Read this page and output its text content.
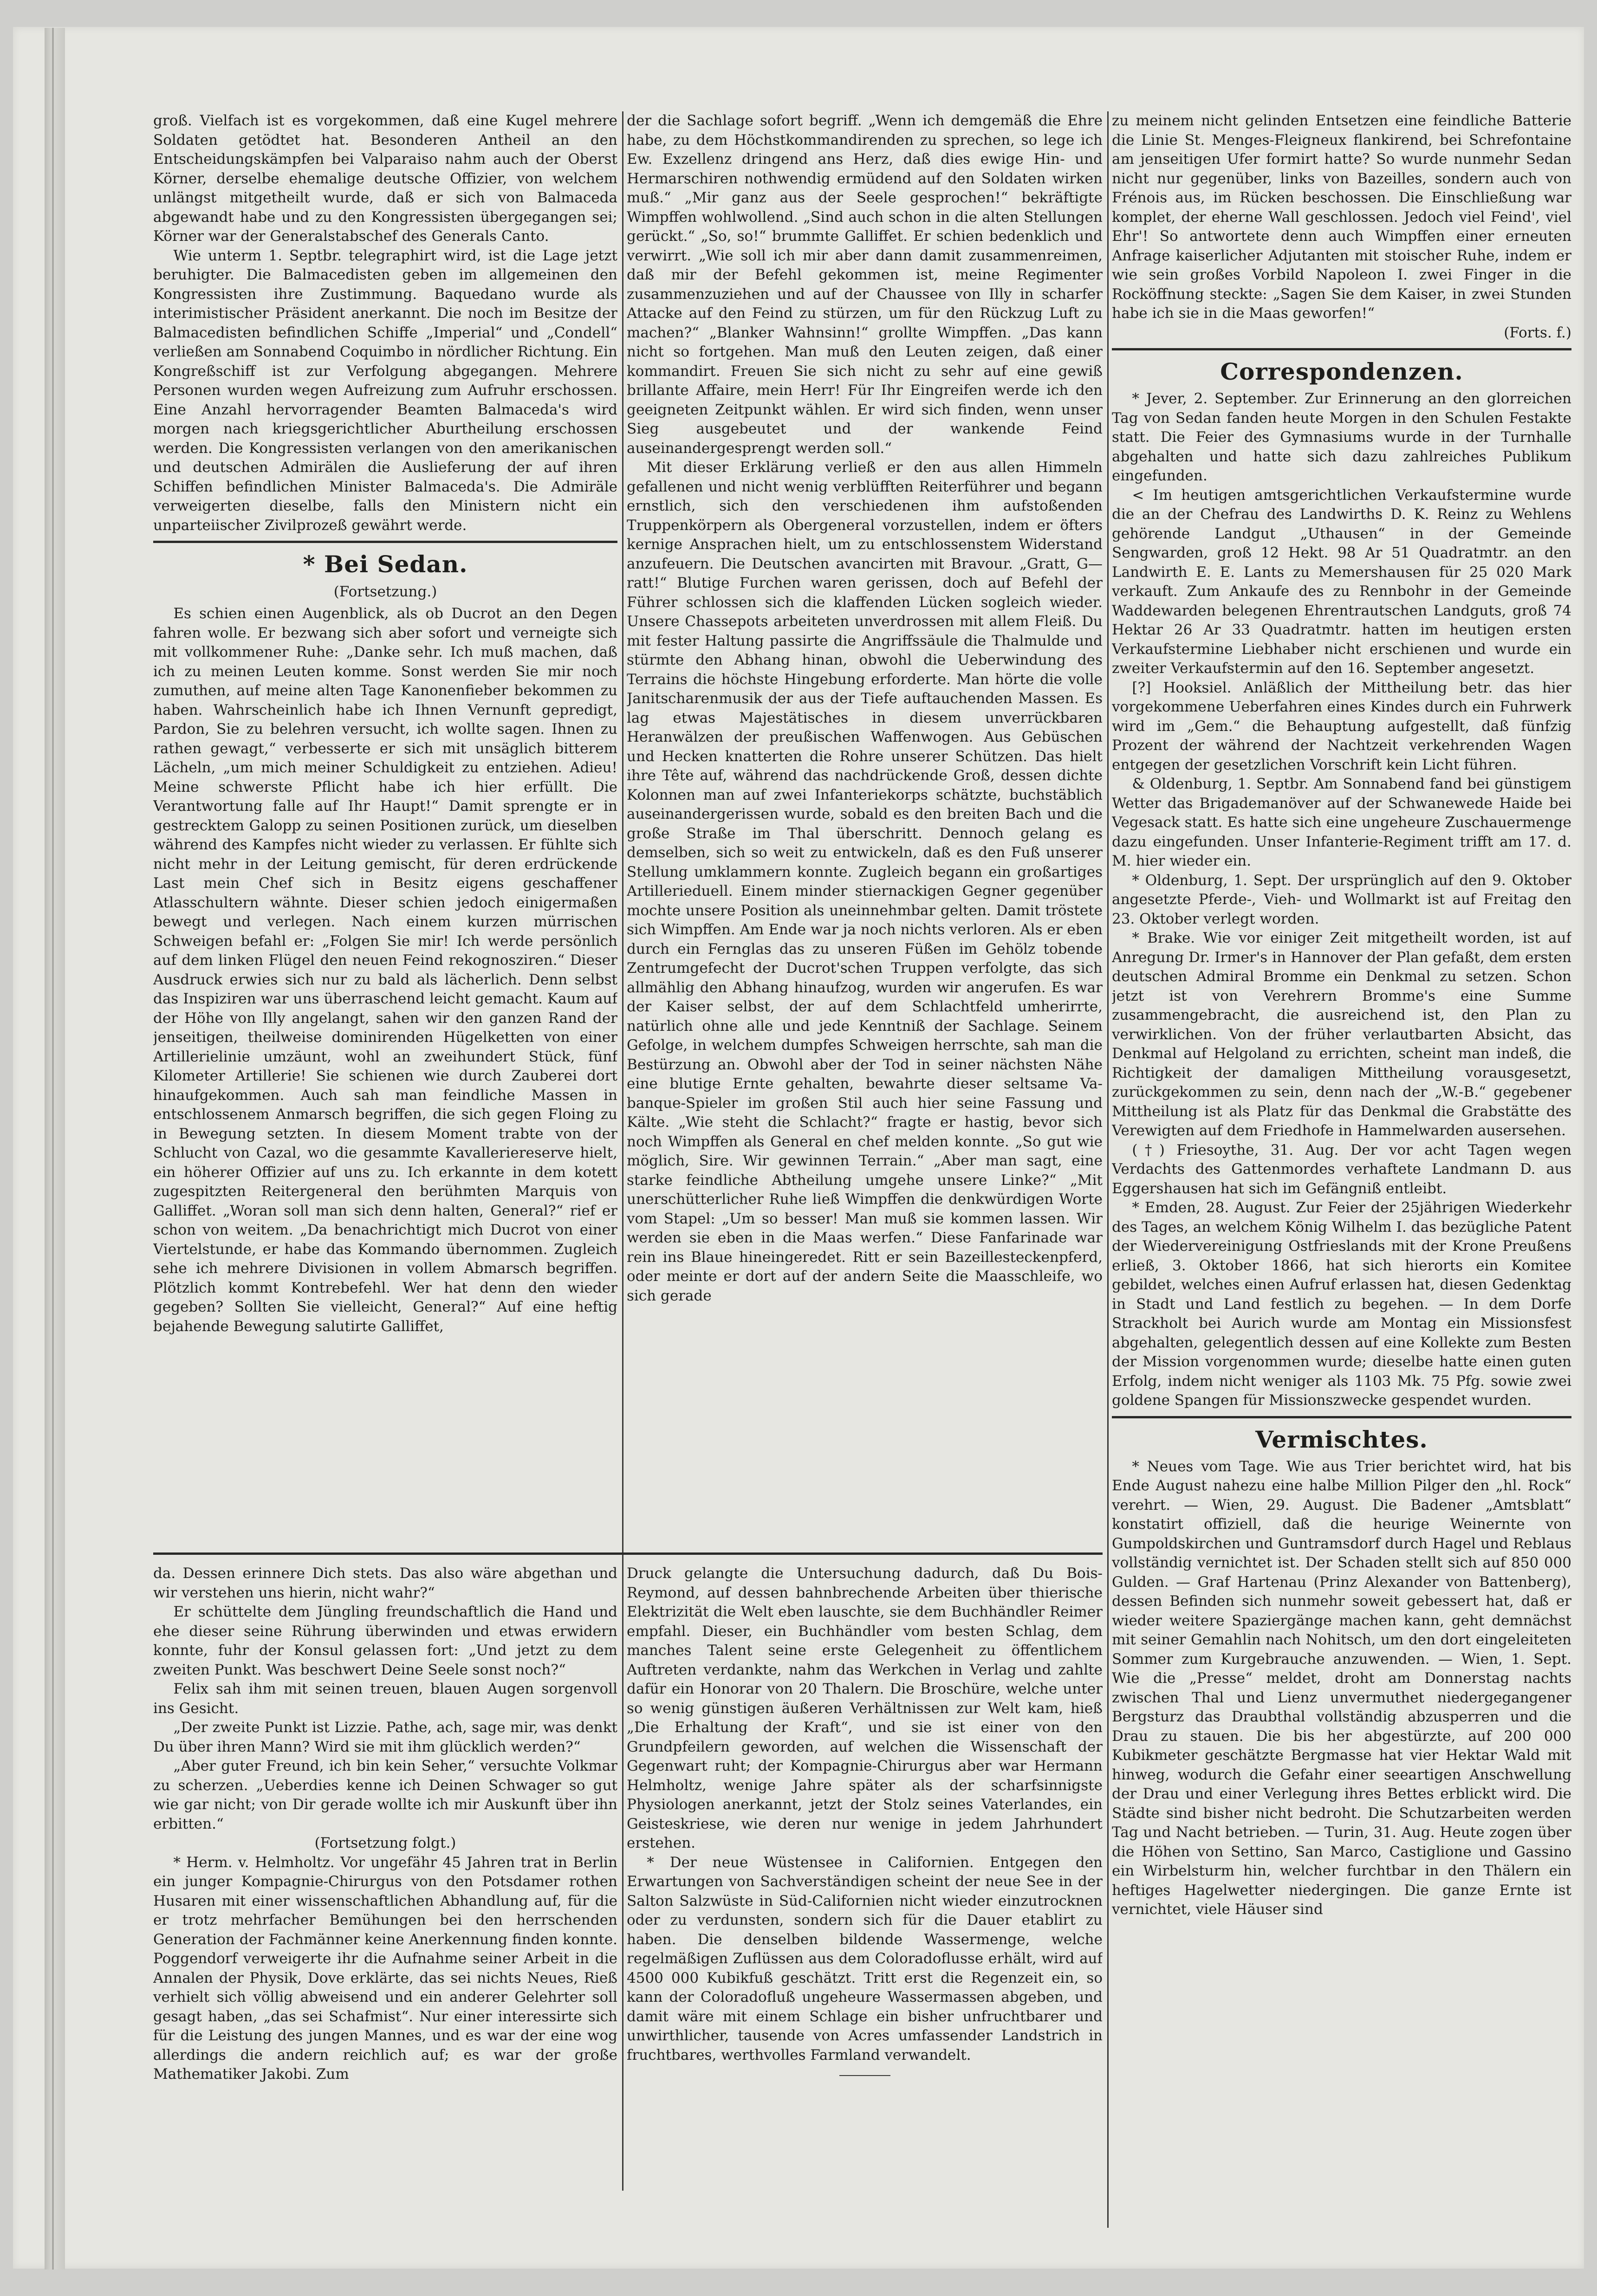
groß. Vielfach ist es vorgekommen, daß eine Kugel mehrere Soldaten getödtet hat. Besonderen Antheil an den Entscheidungskämpfen bei Valparaiso nahm auch der Oberst Körner, derselbe ehemalige deutsche Offizier, von welchem unlängst mitgetheilt wurde, daß er sich von Balmaceda abgewandt habe und zu den Kongressisten übergegangen sei; Körner war der Generalstabschef des Generals Canto.

Wie unterm 1. Septbr. telegraphirt wird, ist die Lage jetzt beruhigter. Die Balmacedisten geben im allgemeinen den Kongressisten ihre Zustimmung. Baquedano wurde als interimistischer Präsident anerkannt. Die noch im Besitze der Balmacedisten befindlichen Schiffe „Imperial“ und „Condell“ verließen am Sonnabend Coquimbo in nördlicher Richtung. Ein Kongreßschiff ist zur Verfolgung abgegangen. Mehrere Personen wurden wegen Aufreizung zum Aufruhr erschossen. Eine Anzahl hervorragender Beamten Balmaceda's wird morgen nach kriegsgerichtlicher Aburtheilung erschossen werden. Die Kongressisten verlangen von den amerikanischen und deutschen Admirälen die Auslieferung der auf ihren Schiffen befindlichen Minister Balmaceda's. Die Admiräle verweigerten dieselbe, falls den Ministern nicht ein unparteiischer Zivilprozeß gewährt werde.

* Bei Sedan.
(Fortsetzung.)

Es schien einen Augenblick, als ob Ducrot an den Degen fahren wolle. Er bezwang sich aber sofort und verneigte sich mit vollkommener Ruhe: „Danke sehr. Ich muß machen, daß ich zu meinen Leuten komme. Sonst werden Sie mir noch zumuthen, auf meine alten Tage Kanonenfieber bekommen zu haben. Wahrscheinlich habe ich Ihnen Vernunft gepredigt, Pardon, Sie zu belehren versucht, ich wollte sagen. Ihnen zu rathen gewagt,“ verbesserte er sich mit unsäglich bitterem Lächeln, „um mich meiner Schuldigkeit zu entziehen. Adieu! Meine schwerste Pflicht habe ich hier erfüllt. Die Verantwortung falle auf Ihr Haupt!“ Damit sprengte er in gestrecktem Galopp zu seinen Positionen zurück, um dieselben während des Kampfes nicht wieder zu verlassen. Er fühlte sich nicht mehr in der Leitung gemischt, für deren erdrückende Last mein Chef sich in Besitz eigens geschaffener Atlasschultern wähnte. Dieser schien jedoch einigermaßen bewegt und verlegen. Nach einem kurzen mürrischen Schweigen befahl er: „Folgen Sie mir! Ich werde persönlich auf dem linken Flügel den neuen Feind rekognosziren.“ Dieser Ausdruck erwies sich nur zu bald als lächerlich. Denn selbst das Inspiziren war uns überraschend leicht gemacht. Kaum auf der Höhe von Illy angelangt, sahen wir den ganzen Rand der jenseitigen, theilweise dominirenden Hügelketten von einer Artillerielinie umzäunt, wohl an zweihundert Stück, fünf Kilometer Artillerie! Sie schienen wie durch Zauberei dort hinaufgekommen. Auch sah man feindliche Massen in entschlossenem Anmarsch begriffen, die sich gegen Floing zu in Bewegung setzten. In diesem Moment trabte von der Schlucht von Cazal, wo die gesammte Kavalleriereserve hielt, ein höherer Offizier auf uns zu. Ich erkannte in dem kotett zugespitzten Reitergeneral den berühmten Marquis von Galliffet. „Woran soll man sich denn halten, General?“ rief er schon von weitem. „Da benachrichtigt mich Ducrot von einer Viertelstunde, er habe das Kommando übernommen. Zugleich sehe ich mehrere Divisionen in vollem Abmarsch begriffen. Plötzlich kommt Kontrebefehl. Wer hat denn den wieder gegeben? Sollten Sie vielleicht, General?“ Auf eine heftig bejahende Bewegung salutirte Galliffet,

der die Sachlage sofort begriff. „Wenn ich demgemäß die Ehre habe, zu dem Höchstkommandirenden zu sprechen, so lege ich Ew. Exzellenz dringend ans Herz, daß dies ewige Hin- und Hermarschiren nothwendig ermüdend auf den Soldaten wirken muß.“ „Mir ganz aus der Seele gesprochen!“ bekräftigte Wimpffen wohlwollend. „Sind auch schon in die alten Stellungen gerückt.“ „So, so!“ brummte Galliffet. Er schien bedenklich und verwirrt. „Wie soll ich mir aber dann damit zusammenreimen, daß mir der Befehl gekommen ist, meine Regimenter zusammenzuziehen und auf der Chaussee von Illy in scharfer Attacke auf den Feind zu stürzen, um für den Rückzug Luft zu machen?“ „Blanker Wahnsinn!“ grollte Wimpffen. „Das kann nicht so fortgehen. Man muß den Leuten zeigen, daß einer kommandirt. Freuen Sie sich nicht zu sehr auf eine gewiß brillante Affaire, mein Herr! Für Ihr Eingreifen werde ich den geeigneten Zeitpunkt wählen. Er wird sich finden, wenn unser Sieg ausgebeutet und der wankende Feind auseinandergesprengt werden soll.“

Mit dieser Erklärung verließ er den aus allen Himmeln gefallenen und nicht wenig verblüfften Reiterführer und begann ernstlich, sich den verschiedenen ihm aufstoßenden Truppenkörpern als Obergeneral vorzustellen, indem er öfters kernige Ansprachen hielt, um zu entschlossenstem Widerstand anzufeuern. Die Deutschen avancirten mit Bravour. „Gratt, G—ratt!“ Blutige Furchen waren gerissen, doch auf Befehl der Führer schlossen sich die klaffenden Lücken sogleich wieder. Unsere Chassepots arbeiteten unverdrossen mit allem Fleiß. Du mit fester Haltung passirte die Angriffssäule die Thalmulde und stürmte den Abhang hinan, obwohl die Ueberwindung des Terrains die höchste Hingebung erforderte. Man hörte die volle Janitscharenmusik der aus der Tiefe auftauchenden Massen. Es lag etwas Majestätisches in diesem unverrückbaren Heranwälzen der preußischen Waffenwogen. Aus Gebüschen und Hecken knatterten die Rohre unserer Schützen. Das hielt ihre Tête auf, während das nachdrückende Groß, dessen dichte Kolonnen man auf zwei Infanteriekorps schätzte, buchstäblich auseinandergerissen wurde, sobald es den breiten Bach und die große Straße im Thal überschritt. Dennoch gelang es demselben, sich so weit zu entwickeln, daß es den Fuß unserer Stellung umklammern konnte. Zugleich begann ein großartiges Artillerieduell. Einem minder stiernackigen Gegner gegenüber mochte unsere Position als uneinnehmbar gelten. Damit tröstete sich Wimpffen. Am Ende war ja noch nichts verloren. Als er eben durch ein Fernglas das zu unseren Füßen im Gehölz tobende Zentrumgefecht der Ducrot'schen Truppen verfolgte, das sich allmählig den Abhang hinaufzog, wurden wir angerufen. Es war der Kaiser selbst, der auf dem Schlachtfeld umherirrte, natürlich ohne alle und jede Kenntniß der Sachlage. Seinem Gefolge, in welchem dumpfes Schweigen herrschte, sah man die Bestürzung an. Obwohl aber der Tod in seiner nächsten Nähe eine blutige Ernte gehalten, bewahrte dieser seltsame Va-banque-Spieler im großen Stil auch hier seine Fassung und Kälte. „Wie steht die Schlacht?“ fragte er hastig, bevor sich noch Wimpffen als General en chef melden konnte. „So gut wie möglich, Sire. Wir gewinnen Terrain.“ „Aber man sagt, eine starke feindliche Abtheilung umgehe unsere Linke?“ „Mit unerschütterlicher Ruhe ließ Wimpffen die denkwürdigen Worte vom Stapel: „Um so besser! Man muß sie kommen lassen. Wir werden sie eben in die Maas werfen.“ Diese Fanfarinade war rein ins Blaue hineingeredet. Ritt er sein Bazeillesteckenpferd, oder meinte er dort auf der andern Seite die Maasschleife, wo sich gerade

zu meinem nicht gelinden Entsetzen eine feindliche Batterie die Linie St. Menges-Fleigneux flankirend, bei Schrefontaine am jenseitigen Ufer formirt hatte? So wurde nunmehr Sedan nicht nur gegenüber, links von Bazeilles, sondern auch von Frénois aus, im Rücken beschossen. Die Einschließung war komplet, der eherne Wall geschlossen. Jedoch viel Feind', viel Ehr'! So antwortete denn auch Wimpffen einer erneuten Anfrage kaiserlicher Adjutanten mit stoischer Ruhe, indem er wie sein großes Vorbild Napoleon I. zwei Finger in die Rocköffnung steckte: „Sagen Sie dem Kaiser, in zwei Stunden habe ich sie in die Maas geworfen!“

(Forts. f.)
Correspondenzen.

* Jever, 2. September. Zur Erinnerung an den glorreichen Tag von Sedan fanden heute Morgen in den Schulen Festakte statt. Die Feier des Gymnasiums wurde in der Turnhalle abgehalten und hatte sich dazu zahlreiches Publikum eingefunden.

< Im heutigen amtsgerichtlichen Verkaufstermine wurde die an der Chefrau des Landwirths D. K. Reinz zu Wehlens gehörende Landgut „Uthausen“ in der Gemeinde Sengwarden, groß 12 Hekt. 98 Ar 51 Quadratmtr. an den Landwirth E. E. Lants zu Memershausen für 25 020 Mark verkauft. Zum Ankaufe des zu Rennbohr in der Gemeinde Waddewarden belegenen Ehrentrautschen Landguts, groß 74 Hektar 26 Ar 33 Quadratmtr. hatten im heutigen ersten Verkaufstermine Liebhaber nicht erschienen und wurde ein zweiter Verkaufstermin auf den 16. September angesetzt.

[?] Hooksiel. Anläßlich der Mittheilung betr. das hier vorgekommene Ueberfahren eines Kindes durch ein Fuhrwerk wird im „Gem.“ die Behauptung aufgestellt, daß fünfzig Prozent der während der Nachtzeit verkehrenden Wagen entgegen der gesetzlichen Vorschrift kein Licht führen.

& Oldenburg, 1. Septbr. Am Sonnabend fand bei günstigem Wetter das Brigademanöver auf der Schwanewede Haide bei Vegesack statt. Es hatte sich eine ungeheure Zuschauermenge dazu eingefunden. Unser Infanterie-Regiment trifft am 17. d. M. hier wieder ein.

* Oldenburg, 1. Sept. Der ursprünglich auf den 9. Oktober angesetzte Pferde-, Vieh- und Wollmarkt ist auf Freitag den 23. Oktober verlegt worden.

* Brake. Wie vor einiger Zeit mitgetheilt worden, ist auf Anregung Dr. Irmer's in Hannover der Plan gefaßt, dem ersten deutschen Admiral Bromme ein Denkmal zu setzen. Schon jetzt ist von Verehrern Bromme's eine Summe zusammengebracht, die ausreichend ist, den Plan zu verwirklichen. Von der früher verlautbarten Absicht, das Denkmal auf Helgoland zu errichten, scheint man indeß, die Richtigkeit der damaligen Mittheilung vorausgesetzt, zurückgekommen zu sein, denn nach der „W.-B.“ gegebener Mittheilung ist als Platz für das Denkmal die Grabstätte des Verewigten auf dem Friedhofe in Hammelwarden ausersehen.

(†) Friesoythe, 31. Aug. Der vor acht Tagen wegen Verdachts des Gattenmordes verhaftete Landmann D. aus Eggershausen hat sich im Gefängniß entleibt.

* Emden, 28. August. Zur Feier der 25jährigen Wiederkehr des Tages, an welchem König Wilhelm I. das bezügliche Patent der Wiedervereinigung Ostfrieslands mit der Krone Preußens erließ, 3. Oktober 1866, hat sich hierorts ein Komitee gebildet, welches einen Aufruf erlassen hat, diesen Gedenktag in Stadt und Land festlich zu begehen. — In dem Dorfe Strackholt bei Aurich wurde am Montag ein Missionsfest abgehalten, gelegentlich dessen auf eine Kollekte zum Besten der Mission vorgenommen wurde; dieselbe hatte einen guten Erfolg, indem nicht weniger als 1103 Mk. 75 Pfg. sowie zwei goldene Spangen für Missionszwecke gespendet wurden.

Vermischtes.

* Neues vom Tage. Wie aus Trier berichtet wird, hat bis Ende August nahezu eine halbe Million Pilger den „hl. Rock“ verehrt. — Wien, 29. August. Die Badener „Amtsblatt“ konstatirt offiziell, daß die heurige Weinernte von Gumpoldskirchen und Guntramsdorf durch Hagel und Reblaus vollständig vernichtet ist. Der Schaden stellt sich auf 850 000 Gulden. — Graf Hartenau (Prinz Alexander von Battenberg), dessen Befinden sich nunmehr soweit gebessert hat, daß er wieder weitere Spaziergänge machen kann, geht demnächst mit seiner Gemahlin nach Nohitsch, um den dort eingeleiteten Sommer zum Kurgebrauche anzuwenden. — Wien, 1. Sept. Wie die „Presse“ meldet, droht am Donnerstag nachts zwischen Thal und Lienz unvermuthet niedergegangener Bergsturz das Draubthal vollständig abzusperren und die Drau zu stauen. Die bis her abgestürzte, auf 200 000 Kubikmeter geschätzte Bergmasse hat vier Hektar Wald mit hinweg, wodurch die Gefahr einer seeartigen Anschwellung der Drau und einer Verlegung ihres Bettes erblickt wird. Die Städte sind bisher nicht bedroht. Die Schutzarbeiten werden Tag und Nacht betrieben. — Turin, 31. Aug. Heute zogen über die Höhen von Settino, San Marco, Castiglione und Gassino ein Wirbelsturm hin, welcher furchtbar in den Thälern ein heftiges Hagelwetter niedergingen. Die ganze Ernte ist vernichtet, viele Häuser sind

da. Dessen erinnere Dich stets. Das also wäre abgethan und wir verstehen uns hierin, nicht wahr?“

Er schüttelte dem Jüngling freundschaftlich die Hand und ehe dieser seine Rührung überwinden und etwas erwidern konnte, fuhr der Konsul gelassen fort: „Und jetzt zu dem zweiten Punkt. Was beschwert Deine Seele sonst noch?“

Felix sah ihm mit seinen treuen, blauen Augen sorgenvoll ins Gesicht.

„Der zweite Punkt ist Lizzie. Pathe, ach, sage mir, was denkt Du über ihren Mann? Wird sie mit ihm glücklich werden?“

„Aber guter Freund, ich bin kein Seher,“ versuchte Volkmar zu scherzen. „Ueberdies kenne ich Deinen Schwager so gut wie gar nicht; von Dir gerade wollte ich mir Auskunft über ihn erbitten.“

(Fortsetzung folgt.)

* Herm. v. Helmholtz. Vor ungefähr 45 Jahren trat in Berlin ein junger Kompagnie-Chirurgus von den Potsdamer rothen Husaren mit einer wissenschaftlichen Abhandlung auf, für die er trotz mehrfacher Bemühungen bei den herrschenden Generation der Fachmänner keine Anerkennung finden konnte. Poggendorf verweigerte ihr die Aufnahme seiner Arbeit in die Annalen der Physik, Dove erklärte, das sei nichts Neues, Rieß verhielt sich völlig abweisend und ein anderer Gelehrter soll gesagt haben, „das sei Schafmist“. Nur einer interessirte sich für die Leistung des jungen Mannes, und es war der eine wog allerdings die andern reichlich auf; es war der große Mathematiker Jakobi. Zum

Druck gelangte die Untersuchung dadurch, daß Du Bois-Reymond, auf dessen bahnbrechende Arbeiten über thierische Elektrizität die Welt eben lauschte, sie dem Buchhändler Reimer empfahl. Dieser, ein Buchhändler vom besten Schlag, dem manches Talent seine erste Gelegenheit zu öffentlichem Auftreten verdankte, nahm das Werkchen in Verlag und zahlte dafür ein Honorar von 20 Thalern. Die Broschüre, welche unter so wenig günstigen äußeren Verhältnissen zur Welt kam, hieß „Die Erhaltung der Kraft“, und sie ist einer von den Grundpfeilern geworden, auf welchen die Wissenschaft der Gegenwart ruht; der Kompagnie-Chirurgus aber war Hermann Helmholtz, wenige Jahre später als der scharfsinnigste Physiologen anerkannt, jetzt der Stolz seines Vaterlandes, ein Geisteskriese, wie deren nur wenige in jedem Jahrhundert erstehen.

* Der neue Wüstensee in Californien. Entgegen den Erwartungen von Sachverständigen scheint der neue See in der Salton Salzwüste in Süd-Californien nicht wieder einzutrocknen oder zu verdunsten, sondern sich für die Dauer etablirt zu haben. Die denselben bildende Wassermenge, welche regelmäßigen Zuflüssen aus dem Coloradoflusse erhält, wird auf 4500 000 Kubikfuß geschätzt. Tritt erst die Regenzeit ein, so kann der Coloradofluß ungeheure Wassermassen abgeben, und damit wäre mit einem Schlage ein bisher unfruchtbarer und unwirthlicher, tausende von Acres umfassender Landstrich in fruchtbares, werthvolles Farmland verwandelt.
